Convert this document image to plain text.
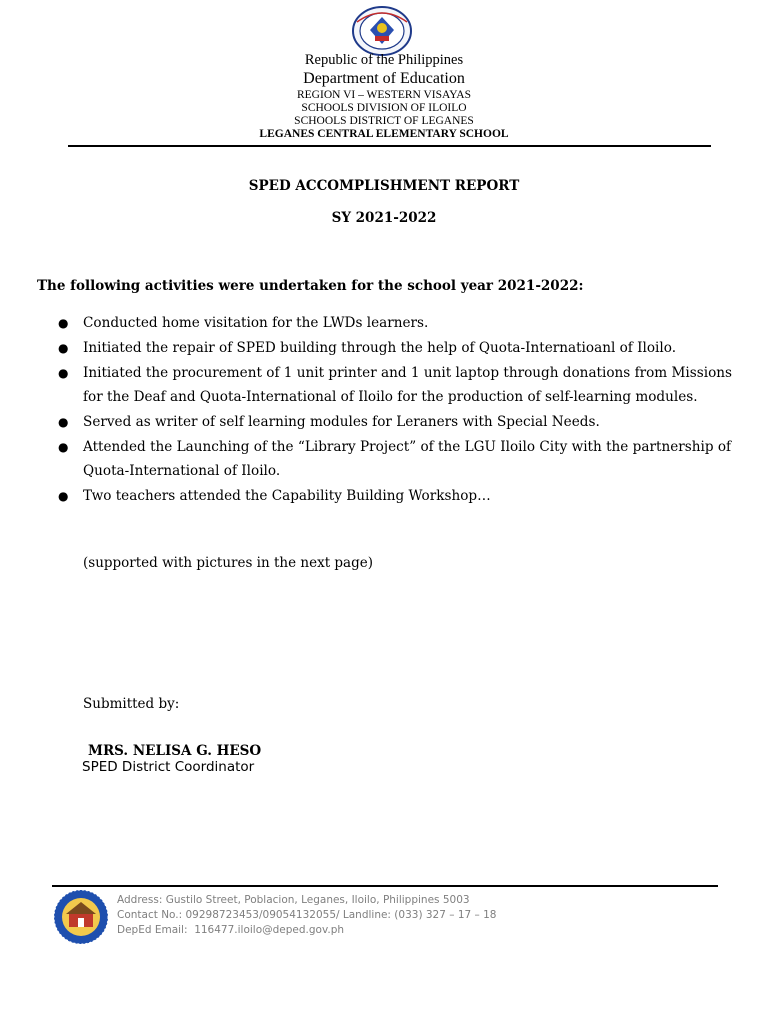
Republic of the Philippines
Department of Education
REGION VI – WESTERN VISAYAS
SCHOOLS DIVISION OF ILOILO
SCHOOLS DISTRICT OF LEGANES
LEGANES CENTRAL ELEMENTARY SCHOOL
SPED ACCOMPLISHMENT REPORT
SY 2021-2022
The following activities were undertaken for the school year 2021-2022:
● Conducted home visitation for the LWDs learners.
● Initiated the repair of SPED building through the help of Quota-Internatioanl of Iloilo.
● Initiated the procurement of 1 unit printer and 1 unit laptop through donations from Missions for the Deaf and Quota-International of Iloilo for the production of self-learning modules.
● Served as writer of self learning modules for Leraners with Special Needs.
● Attended the Launching of the “Library Project” of the LGU Iloilo City with the partnership of Quota-International of Iloilo.
● Two teachers attended the Capability Building Workshop…
(supported with pictures in the next page)
Submitted by:
MRS. NELISA G. HESO
SPED District Coordinator
Address: Gustilo Street, Poblacion, Leganes, Iloilo, Philippines 5003
Contact No.: 09298723453/09054132055/ Landline: (033) 327 – 17 – 18
DepEd Email:  116477.iloilo@deped.gov.ph
